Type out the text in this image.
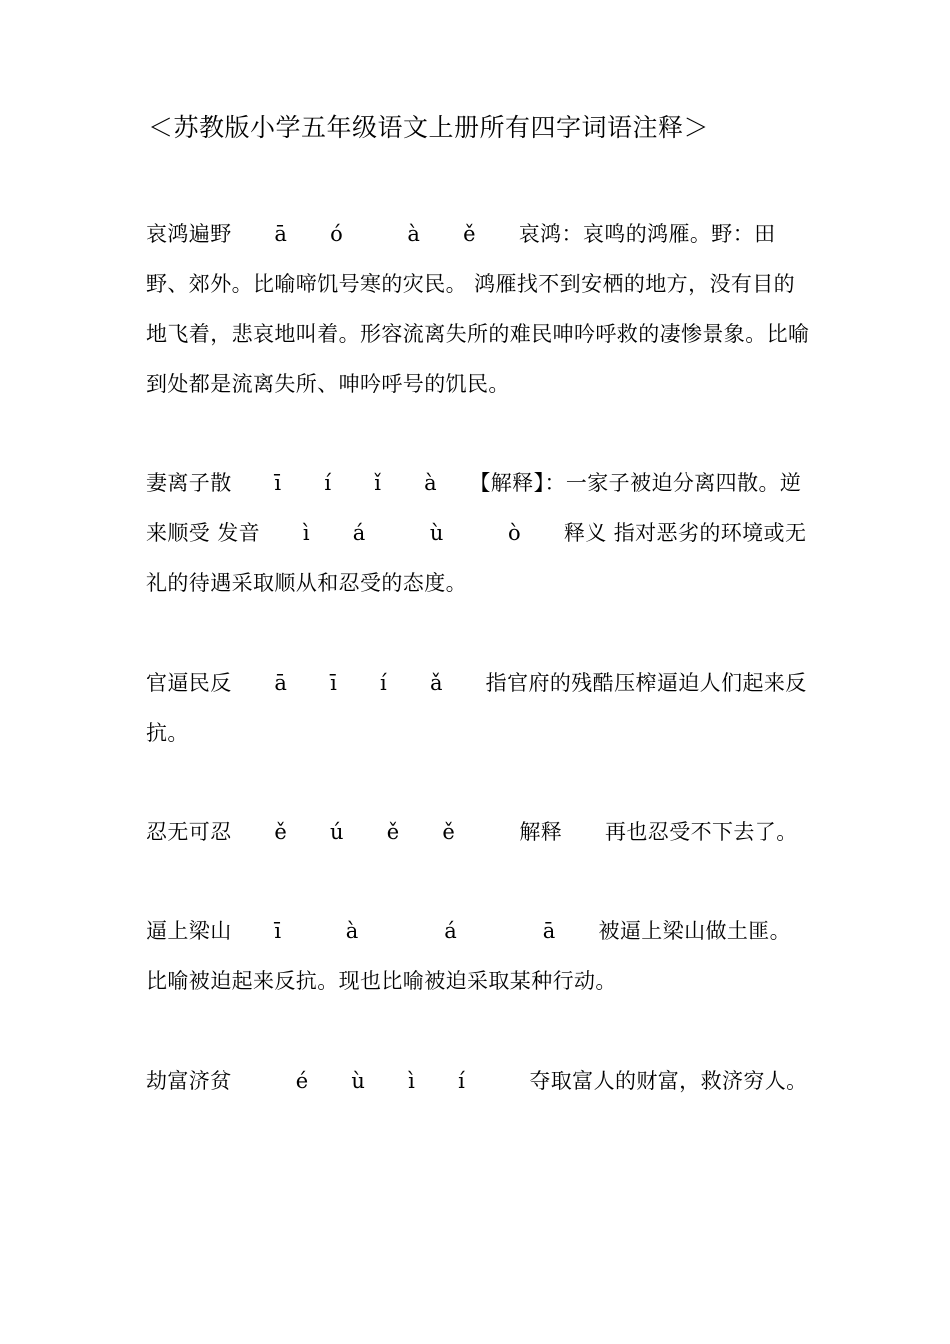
＜苏教版小学五年级语文上册所有四字词语注释＞
哀鸿遍野　　ā　　ó　　　à　　ě　　哀鸿：哀鸣的鸿雁。野：田野、郊外。比喻啼饥号寒的灾民。 鸿雁找不到安栖的地方，没有目的地飞着，悲哀地叫着。形容流离失所的难民呻吟呼救的凄惨景象。比喻到处都是流离失所、呻吟呼号的饥民。
妻离子散　　ī　　í　　ǐ　　à　　【解释】：一家子被迫分离四散。逆来顺受 发音　　ì　　á　　　ù　　　ò　　释义 指对恶劣的环境或无礼的待遇采取顺从和忍受的态度。
官逼民反　　ā　　ī　　í　　ǎ　　指官府的残酷压榨逼迫人们起来反抗。
忍无可忍　　ě　　ú　　ě　　ě　　　解释　　再也忍受不下去了。
逼上梁山　　ī　　　à　　　　á　　　　ā　　被逼上梁山做土匪。比喻被迫起来反抗。现也比喻被迫采取某种行动。
劫富济贫　　　é　　ù　　ì　　í　　　夺取富人的财富，救济穷人。
